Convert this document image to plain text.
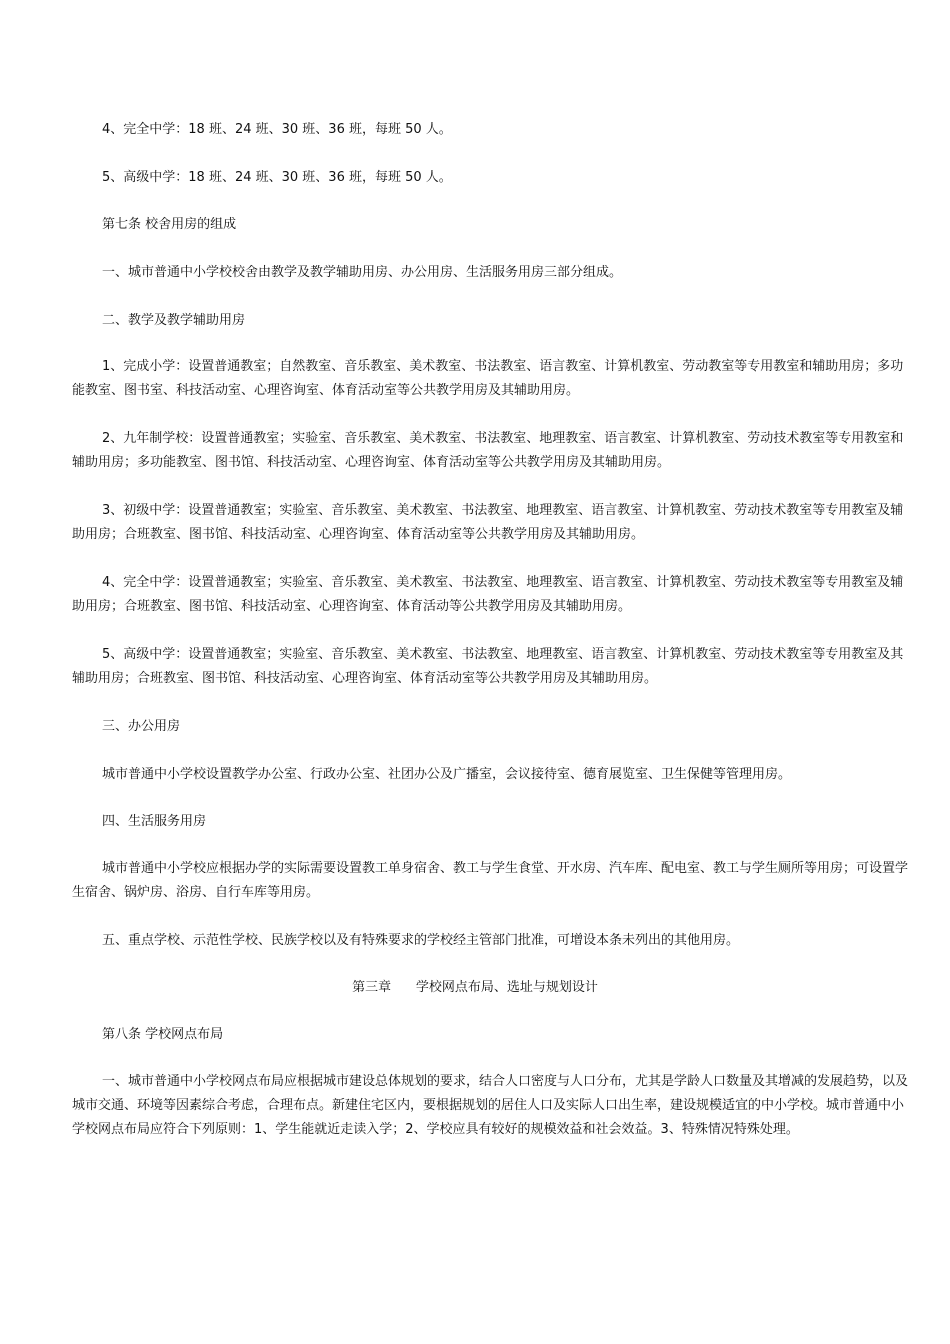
4、完全中学：18 班、24 班、30 班、36 班，每班 50 人。

5、高级中学：18 班、24 班、30 班、36 班，每班 50 人。

第七条 校舍用房的组成

一、城市普通中小学校校舍由教学及教学辅助用房、办公用房、生活服务用房三部分组成。

二、教学及教学辅助用房

1、完成小学：设置普通教室；自然教室、音乐教室、美术教室、书法教室、语言教室、计算机教室、劳动教室等专用教室和辅助用房；多功能教室、图书室、科技活动室、心理咨询室、体育活动室等公共教学用房及其辅助用房。

2、九年制学校：设置普通教室；实验室、音乐教室、美术教室、书法教室、地理教室、语言教室、计算机教室、劳动技术教室等专用教室和辅助用房；多功能教室、图书馆、科技活动室、心理咨询室、体育活动室等公共教学用房及其辅助用房。

3、初级中学：设置普通教室；实验室、音乐教室、美术教室、书法教室、地理教室、语言教室、计算机教室、劳动技术教室等专用教室及辅助用房；合班教室、图书馆、科技活动室、心理咨询室、体育活动室等公共教学用房及其辅助用房。

4、完全中学：设置普通教室；实验室、音乐教室、美术教室、书法教室、地理教室、语言教室、计算机教室、劳动技术教室等专用教室及辅助用房；合班教室、图书馆、科技活动室、心理咨询室、体育活动等公共教学用房及其辅助用房。

5、高级中学：设置普通教室；实验室、音乐教室、美术教室、书法教室、地理教室、语言教室、计算机教室、劳动技术教室等专用教室及其辅助用房；合班教室、图书馆、科技活动室、心理咨询室、体育活动室等公共教学用房及其辅助用房。

三、办公用房

城市普通中小学校设置教学办公室、行政办公室、社团办公及广播室，会议接待室、德育展览室、卫生保健等管理用房。

四、生活服务用房

城市普通中小学校应根据办学的实际需要设置教工单身宿舍、教工与学生食堂、开水房、汽车库、配电室、教工与学生厕所等用房；可设置学生宿舍、锅炉房、浴房、自行车库等用房。

五、重点学校、示范性学校、民族学校以及有特殊要求的学校经主管部门批准，可增设本条未列出的其他用房。

第三章      学校网点布局、选址与规划设计

第八条 学校网点布局

一、城市普通中小学校网点布局应根据城市建设总体规划的要求，结合人口密度与人口分布，尤其是学龄人口数量及其增减的发展趋势，以及城市交通、环境等因素综合考虑，合理布点。新建住宅区内，要根据规划的居住人口及实际人口出生率，建设规模适宜的中小学校。城市普通中小学校网点布局应符合下列原则：1、学生能就近走读入学；2、学校应具有较好的规模效益和社会效益。3、特殊情况特殊处理。
